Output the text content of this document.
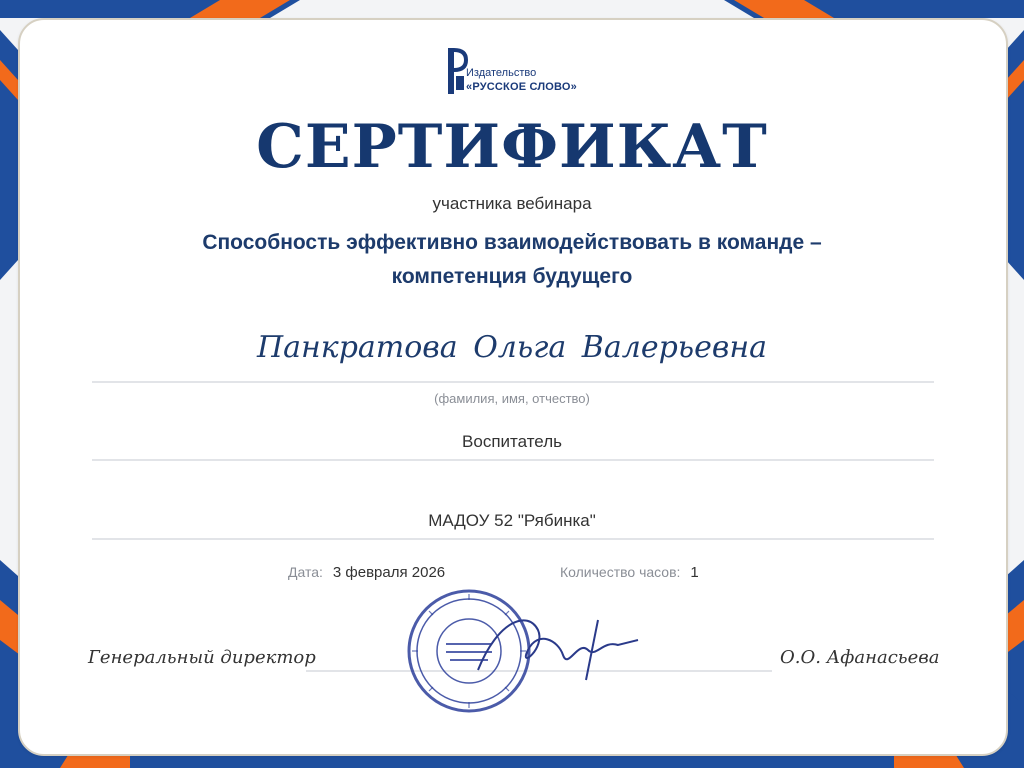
Издательство
«РУССКОЕ СЛОВО»
СЕРТИФИКАТ
участника вебинара
Способность эффективно взаимодействовать в команде – компетенция будущего
Панкратова Ольга Валерьевна
(фамилия, имя, отчество)
Воспитатель
МАДОУ 52 "Рябинка"
Дата: 3 февраля 2026	Количество часов: 1
Генеральный директор	О.О. Афанасьева
